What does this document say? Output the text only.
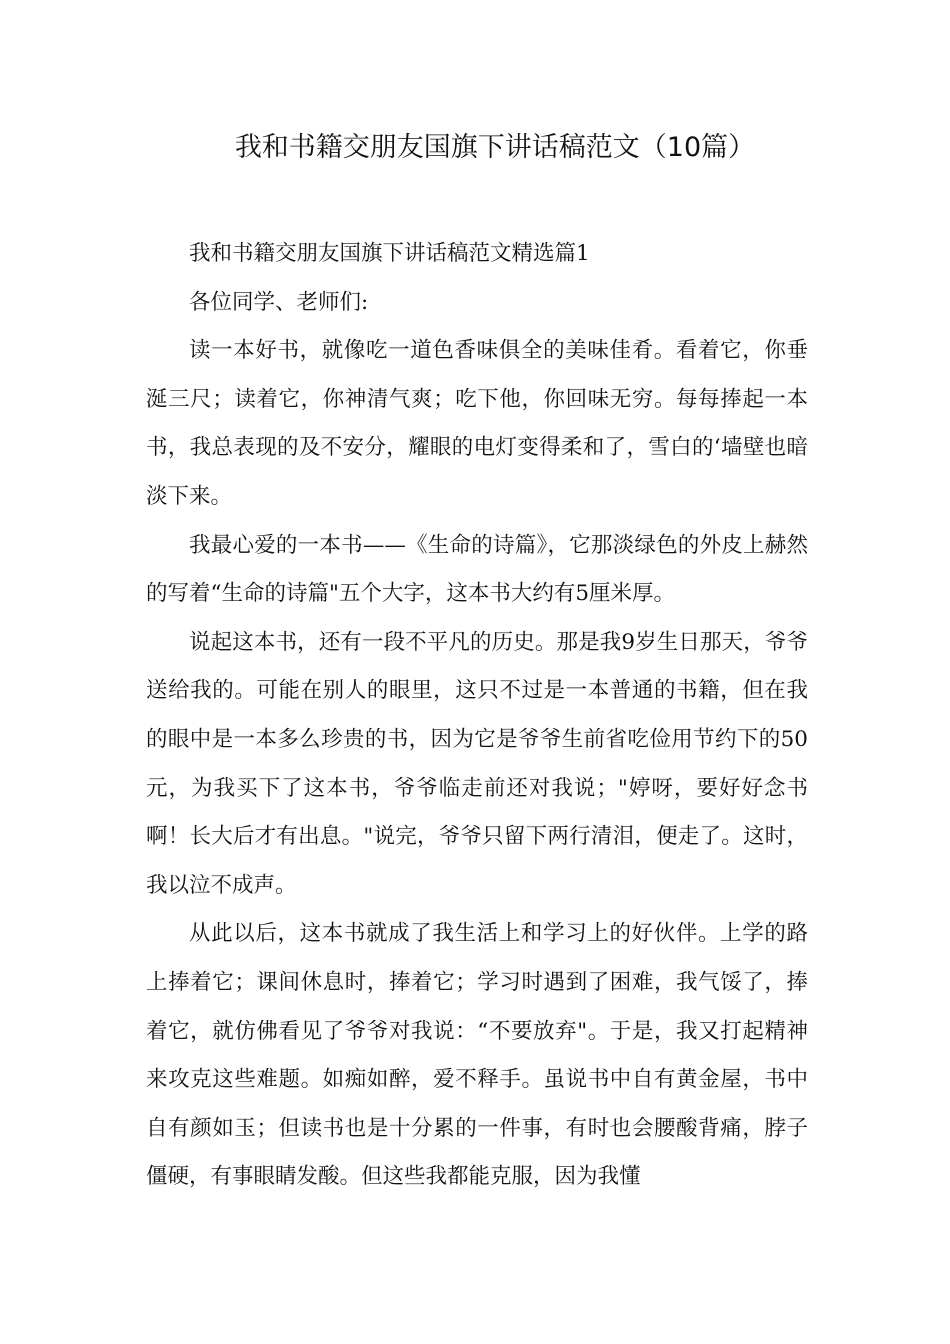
我和书籍交朋友国旗下讲话稿范文（10篇）

我和书籍交朋友国旗下讲话稿范文精选篇1

各位同学、老师们:

读一本好书，就像吃一道色香味俱全的美味佳肴。看着它，你垂涎三尺；读着它，你神清气爽；吃下他，你回味无穷。每每捧起一本书，我总表现的及不安分，耀眼的电灯变得柔和了，雪白的‘墙壁也暗淡下来。

我最心爱的一本书——《生命的诗篇》，它那淡绿色的外皮上赫然的写着“生命的诗篇"五个大字，这本书大约有5厘米厚。

说起这本书，还有一段不平凡的历史。那是我9岁生日那天，爷爷送给我的。可能在别人的眼里，这只不过是一本普通的书籍，但在我的眼中是一本多么珍贵的书，因为它是爷爷生前省吃俭用节约下的50元，为我买下了这本书，爷爷临走前还对我说；"婷呀，要好好念书啊！长大后才有出息。"说完，爷爷只留下两行清泪，便走了。这时，我以泣不成声。

从此以后，这本书就成了我生活上和学习上的好伙伴。上学的路上捧着它；课间休息时，捧着它；学习时遇到了困难，我气馁了，捧着它，就仿佛看见了爷爷对我说：“不要放弃"。于是，我又打起精神来攻克这些难题。如痴如醉，爱不释手。虽说书中自有黄金屋，书中自有颜如玉；但读书也是十分累的一件事，有时也会腰酸背痛，脖子僵硬，有事眼睛发酸。但这些我都能克服，因为我懂
